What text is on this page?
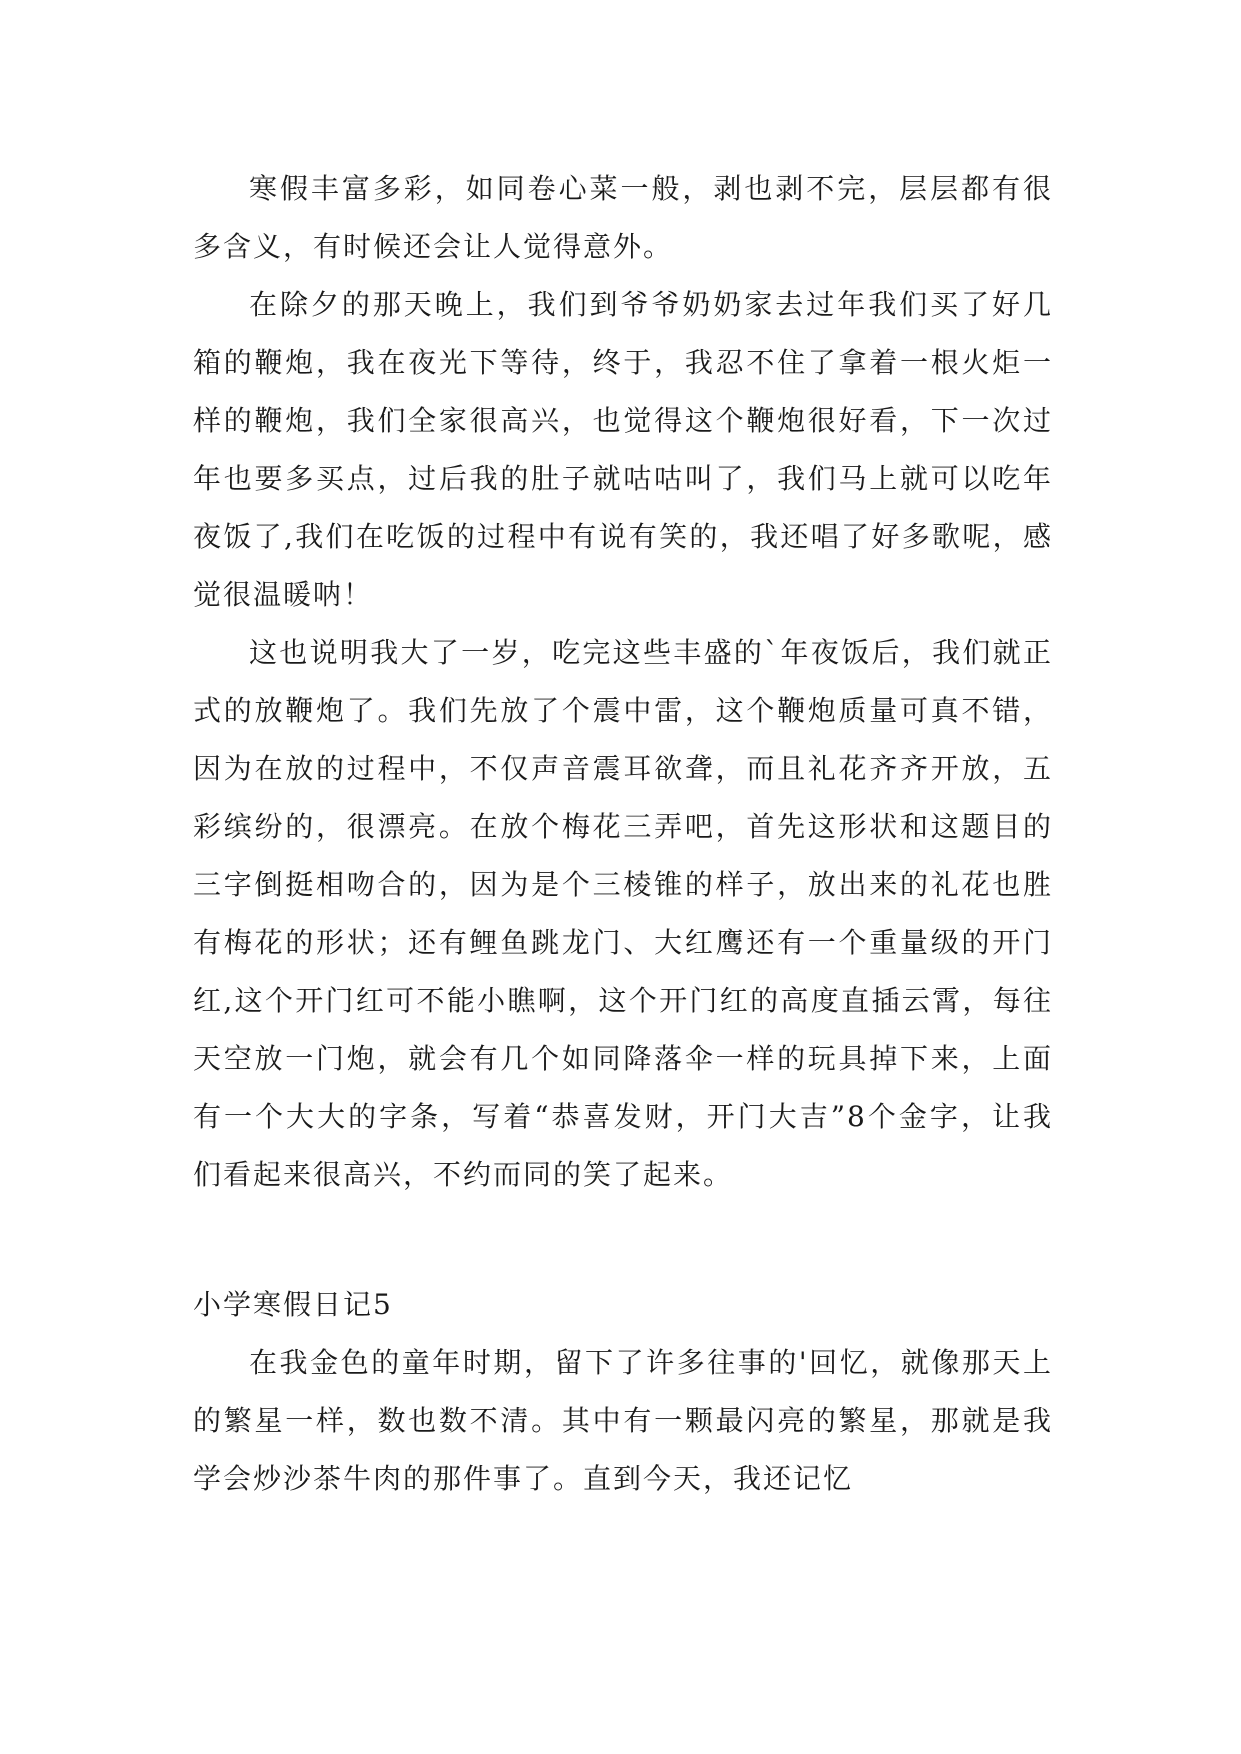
寒假丰富多彩，如同卷心菜一般，剥也剥不完，层层都有很多含义，有时候还会让人觉得意外。

在除夕的那天晚上，我们到爷爷奶奶家去过年我们买了好几箱的鞭炮，我在夜光下等待，终于，我忍不住了拿着一根火炬一样的鞭炮，我们全家很高兴，也觉得这个鞭炮很好看，下一次过年也要多买点，过后我的肚子就咕咕叫了，我们马上就可以吃年夜饭了,我们在吃饭的过程中有说有笑的，我还唱了好多歌呢，感觉很温暖呐！

这也说明我大了一岁，吃完这些丰盛的`年夜饭后，我们就正式的放鞭炮了。我们先放了个震中雷，这个鞭炮质量可真不错，因为在放的过程中，不仅声音震耳欲聋，而且礼花齐齐开放，五彩缤纷的，很漂亮。在放个梅花三弄吧，首先这形状和这题目的三字倒挺相吻合的，因为是个三棱锥的样子，放出来的礼花也胜有梅花的形状；还有鲤鱼跳龙门、大红鹰还有一个重量级的开门红,这个开门红可不能小瞧啊，这个开门红的高度直插云霄，每往天空放一门炮，就会有几个如同降落伞一样的玩具掉下来，上面有一个大大的字条，写着“恭喜发财，开门大吉”8个金字，让我们看起来很高兴，不约而同的笑了起来。

小学寒假日记5

在我金色的童年时期，留下了许多往事的'回忆，就像那天上的繁星一样，数也数不清。其中有一颗最闪亮的繁星，那就是我学会炒沙茶牛肉的那件事了。直到今天，我还记忆
